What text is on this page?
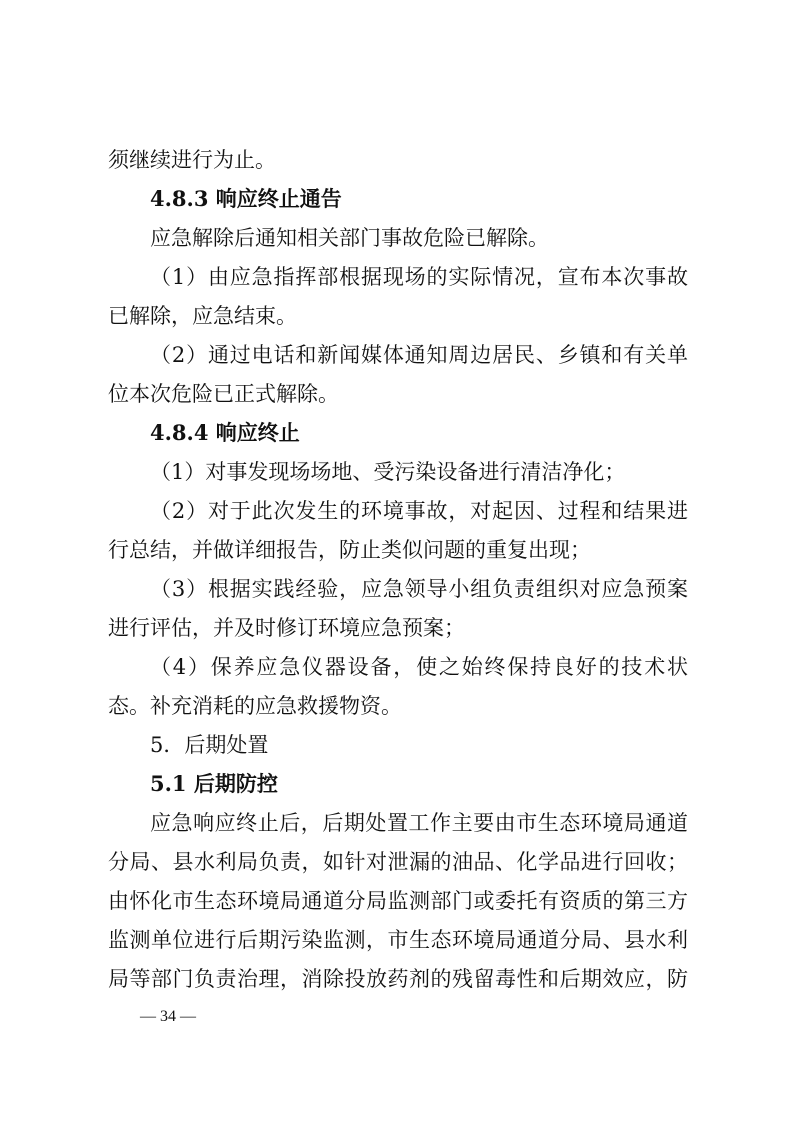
须继续进行为止。
4.8.3 响应终止通告
应急解除后通知相关部门事故危险已解除。
（1）由应急指挥部根据现场的实际情况，宣布本次事故
已解除，应急结束。
（2）通过电话和新闻媒体通知周边居民、乡镇和有关单
位本次危险已正式解除。
4.8.4 响应终止
（1）对事发现场场地、受污染设备进行清洁净化；
（2）对于此次发生的环境事故，对起因、过程和结果进
行总结，并做详细报告，防止类似问题的重复出现；
（3）根据实践经验，应急领导小组负责组织对应急预案
进行评估，并及时修订环境应急预案；
（4）保养应急仪器设备，使之始终保持良好的技术状
态。补充消耗的应急救援物资。
5．后期处置
5.1 后期防控
应急响应终止后，后期处置工作主要由市生态环境局通道
分局、县水利局负责，如针对泄漏的油品、化学品进行回收；
由怀化市生态环境局通道分局监测部门或委托有资质的第三方
监测单位进行后期污染监测，市生态环境局通道分局、县水利
局等部门负责治理，消除投放药剂的残留毒性和后期效应，防
— 34 —
